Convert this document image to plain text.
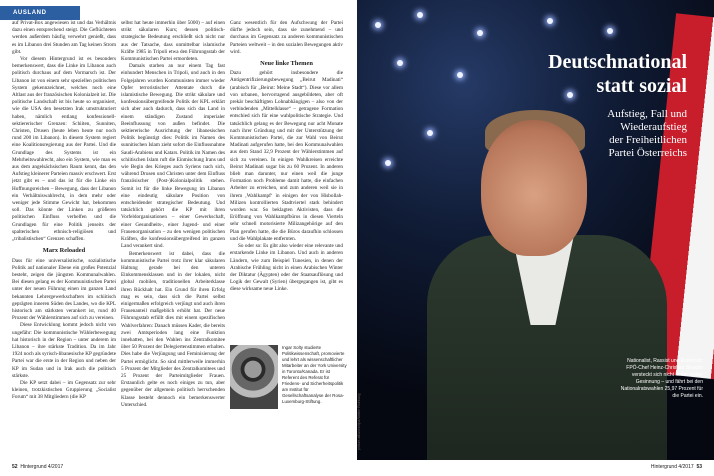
AUSLAND

auf Privat-Box angewiesen ist und das Verhältnis dazu einen entsprechend steigt. Die Geflüchteten werden außerdem häufig verwehrt genießt, dass es im Libanon drei Stunden am Tag keinen Strom gibt.

Vor diesem Hintergrund ist es besonders bemerkenswert, dass die Linke im Libanon auch politisch durchaus auf dem Vormarsch ist. Der Libanon ist von einem sehr speziellen politischen System gekennzeichnet, welches noch eine Altlast aus der französischen Kolonialzeit ist. Die politische Landschaft ist bis heute so organisiert, wie die USA den besetzten Irak umstrukturiert haben, nämlich entlang konfessionell-sektiererischer Grenzen: Schiiten, Sunniten, Christen, Drusen (heute leben heute nur noch rund 200 im Libanon). In diesem System regiert eine Koalitionsregierung aus der Partei. Und die Grundlage des Systems ist ein Mehrheitswahlrecht, also ein System, wie man es aus dem angelsächsischen Raum kennt, das den Aufstieg kleinerer Parteien massiv erschwert. Erst jetzt gibt es – und das ist für die Linke ein Hoffnungsreichen – Bewegung, dass der Libanon ein Verhältniswahlrecht, in dem mehr oder weniger jede Stimme Gewicht hat, bekommen soll. Das könnte der Linken zu größeren politischen Einfluss verhelfen und die Grundlagen für eine Politik jenseits der spalterischen ethnisch-religiösen und „tribalistischen“ Grenzen schaffen.

Marx Reloaded

Dass für eine universalistische, sozialistische Politik auf nationaler Ebene ein großes Potenzial besteht, zeigen die jüngsten Kommunalwahlen. Bei diesen gelang es der Kommunistischen Partei unter der neuen Führung einen im ganzen Land bekannten Lehrergewerkschafters im schiitisch geprägten inneren Süden des Landes, wo die KPL historisch am stärksten verankert ist, rund 40 Prozent der Wählerstimmen auf sich zu vereinen.

Diese Entwicklung kommt jedoch nicht von ungefähr: Die kommunistische Wählerbewegung hat historisch in der Region – unter anderem im Libanon – ihre stärkste Tradition. Da im Jahr 1924 noch als syrisch-libanesische KP gegründete Partei war die erste in der Region und neben der KP im Sudan und in Irak auch die politisch stärkste.

Die KP setzt dabei – im Gegensatz zur sehr kleinen, trotzkistischen Gruppierung „Socialist Forum“ mit 38 Mitgliedern (die KP

selbst hat heute immerhin über 5000) – auf einen strikt säkularen Kurs; dessen politisch-strategische Bedeutung erschließt sich nicht nur aus der Tatsache, dass unmittelbar islamische Kräfte 1985 in Tripoli etwa den Führungsstab der Kommunistischen Partei ermordeten.

Damals starben an nur einem Tag fast einhundert Menschen in Tripoli, und auch in den Folgejahren wurden Kommunisten immer wieder Opfer terroristischer Attentate durch die islamistische Bewegung. Die strikt säkulare und konfessionsübergreifende Politik der KPL erklärt sich aber auch dadurch, dass sich das Land in einem ständigen Zustand imperialer Beeinflussung von außen befindet. Die sektiererische Ausrichtung der libanesischen Politik begünstigt dies: Politik im Namen des sunnitischen Islam zieht sofort die Einflussnahme Saudi-Arabiens und Katars. Politik im Namen des schiitischen Islam ruft die Einmischung Irans und wie Begin des Krieges auch Syriens nach sich, während Drusen und Christen unter dem Einfluss französischer (Post-)Kolonialpolitik stehen. Somit ist für die linke Bewegung im Libanon eine eindeutig säkulare Position von entscheidender strategischer Bedeutung. Und tatsächlich gehört die KP mit ihren Vorfeldorganisationen – einer Gewerkschaft, einer Gesundheits-, einer Jugend- und einer Frauenorganisation – zu den wenigen politischen Kräften, die konfessionsübergreifend im ganzen Land verankert sind.

Bemerkenswert ist dabei, dass die kommunistische Partei trotz ihrer klar säkularen Haltung gerade bei den unteren Einkommensklassen und in der lokalen, nicht global mobilen, traditionellen Arbeiterklasse ihren Rückhalt hat. Ein Grund für ihren Erfolg mag es sein, dass sich die Partei selbst einigermaßen erfolgreich verjüngt und auch ihren Frauenanteil maßgeblich erhöht hat. Der neue Führungsstab erfüllt dies mit einem spezifischen Wahlverfahren: Danach müssen Kader, die bereits zwei Amtsperioden lang eine Funktion innehatten, bei den Wahlen ins Zentralkomitee über 50 Prozent der Delegiertenstimmen erhalten. Dies habe die Verjüngung und Feminisierung der Partei ermöglicht. So sind mittlerweile immerhin 5 Prozent der Mitglieder des Zentralkomitees und 25 Prozent der Parteimitglieder Frauen. Erstaunlich gelte es noch einiges zu tun, aber gegenüber der allgemein politisch herrschenden Klasse besteht dennoch ein bemerkenswerter Unterschied.

Ganz wesentlich für den Aufschwung der Partei dürfte jedoch sein, dass sie zunehmend – und durchaus im Gegensatz zu anderen kommunistischen Parteien weltweit – in den sozialen Bewegungen aktiv wird.

Neue linke Themen

Dazu gehört insbesondere die Antigentrifizierungsbewegung „Beirut Madinati“ (arabisch für „Beirut: Meine Stadt“). Diese vor allem von urbanen, hervorragend ausgebildeten, aber oft prekär beschäftigten Lohnabhängigen – also von der verbindenden „Mittelklasse“ – getragene Formation entschied sich für eine wahlpolitische Strategie. Und tatsächlich gelang es der Bewegung nur acht Monate nach ihrer Gründung und mit der Unterstützung der Kommunistischen Partei, die zur Wahl von Beirut Madinati aufgerufen hatte, bei den Kommunalwahlen aus dem Stand 32,9 Prozent der Wählerstimmen auf sich zu vereinen. In einigen Wahlkreisen erreichte Beirut Madinati sogar bis zu 60 Prozent. In anderen blieb man darunter, nur einen weil die junge Formation noch Probleme damit hatte, die einfachen Arbeiter zu erreichen, und zum anderen weil sie in ihrem ‚Wahlkampf‘ in einigen der von Hisbollah-Milizen kontrollierten Stadtviertel stark behindert worden war. So beklagten Aktivisten, dass die Eröffnung von Wahlkampfbüros in diesen Vierteln sehr schnell motorisierte Milizangehörige auf den Plan gerufen hatte, die die Büros daraufhin schlossen und die Wahlplakate entfernten.

So oder so: Es gibt also wieder eine relevante und erstarkende Linke im Libanon. Und auch in anderen Ländern, wie zum Beispiel Tunesien, in denen der Arabische Frühling nicht in einen Arabischen Winter der Diktatur (Ägypten) oder der Staatsauflösung und Logik der Gewalt (Syrien) übergegangen ist, gibt es diese wirksame neue Linke.

Ingar Solty studierte Politikwissenschaft, promovierte und lehrt als wissenschaftlicher Mitarbeiter an der York University in Toronto/Kanada. Er ist Referent des Referat für Friedens- und Sicherheitspolitik am Institut für Gesellschaftsanalyse der Rosa-Luxemburg-Stiftung.
52 Hintergrund 4/2017
Deutschnational
statt sozial
Aufstieg, Fall und
Wiederaufstieg
der Freiheitlichen
Partei Österreichs
Nationalist, Rassist und Extremist: FPÖ-Chef Heinz-Christian Strache versteckt sich nicht hinter seiner Gesinnung – und fährt bei den Nationalratswahlen 25,97 Prozent für die Partei ein.
picture-alliance/dpa/Walter Roinburg
Hintergrund 4/2017 53
